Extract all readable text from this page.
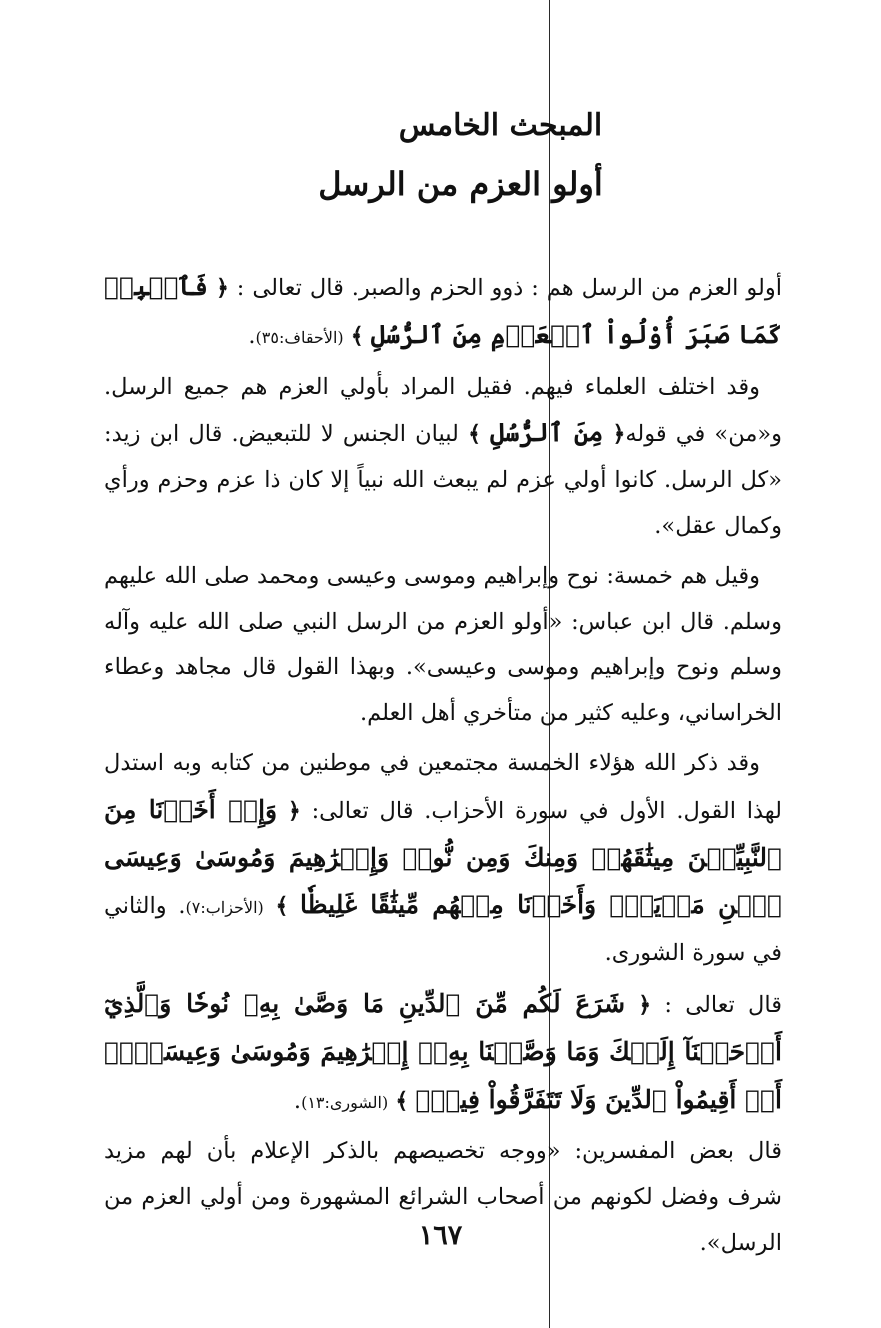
المبحث الخامس
أولو العزم من الرسل

أولو العزم من الرسل هم : ذوو الحزم والصبر. قال تعالى : ﴿ فَٱصۡبِرۡ كَمَا صَبَرَ أُوْلُواْ ٱلۡعَزۡمِ مِنَ ٱلرُّسُلِ ﴾ (الأحقاف:٣٥).

وقد اختلف العلماء فيهم. فقيل المراد بأولي العزم هم جميع الرسل. و«من» في قوله﴿ مِنَ ٱلرُّسُلِ ﴾ لبيان الجنس لا للتبعيض. قال ابن زيد: «كل الرسل. كانوا أولي عزم لم يبعث الله نبياً إلا كان ذا عزم وحزم ورأي وكمال عقل».

وقيل هم خمسة: نوح وإبراهيم وموسى وعيسى ومحمد صلى الله عليهم وسلم. قال ابن عباس: «أولو العزم من الرسل النبي صلى الله عليه وآله وسلم ونوح وإبراهيم وموسى وعيسى». وبهذا القول قال مجاهد وعطاء الخراساني، وعليه كثير من متأخري أهل العلم.

وقد ذكر الله هؤلاء الخمسة مجتمعين في موطنين من كتابه وبه استدل لهذا القول. الأول في سورة الأحزاب. قال تعالى: ﴿ وَإِذۡ أَخَذۡنَا مِنَ ٱلنَّبِيِّـۧنَ مِيثَٰقَهُمۡ وَمِنكَ وَمِن نُّوحٖ وَإِبۡرَٰهِيمَ وَمُوسَىٰ وَعِيسَى ٱبۡنِ مَرۡيَمَۖ وَأَخَذۡنَا مِنۡهُم مِّيثَٰقًا غَلِيظٗا ﴾ (الأحزاب:٧). والثاني في سورة الشورى.

قال تعالى : ﴿ شَرَعَ لَكُم مِّنَ ٱلدِّينِ مَا وَصَّىٰ بِهِۦ نُوحٗا وَٱلَّذِيٓ أَوۡحَيۡنَآ إِلَيۡكَ وَمَا وَصَّيۡنَا بِهِۦٓ إِبۡرَٰهِيمَ وَمُوسَىٰ وَعِيسَىٰٓۖ أَنۡ أَقِيمُواْ ٱلدِّينَ وَلَا تَتَفَرَّقُواْ فِيهِۚ ﴾ (الشورى:١٣).

قال بعض المفسرين: «ووجه تخصيصهم بالذكر الإعلام بأن لهم مزيد شرف وفضل لكونهم من أصحاب الشرائع المشهورة ومن أولي العزم من الرسل».

١٦٧
